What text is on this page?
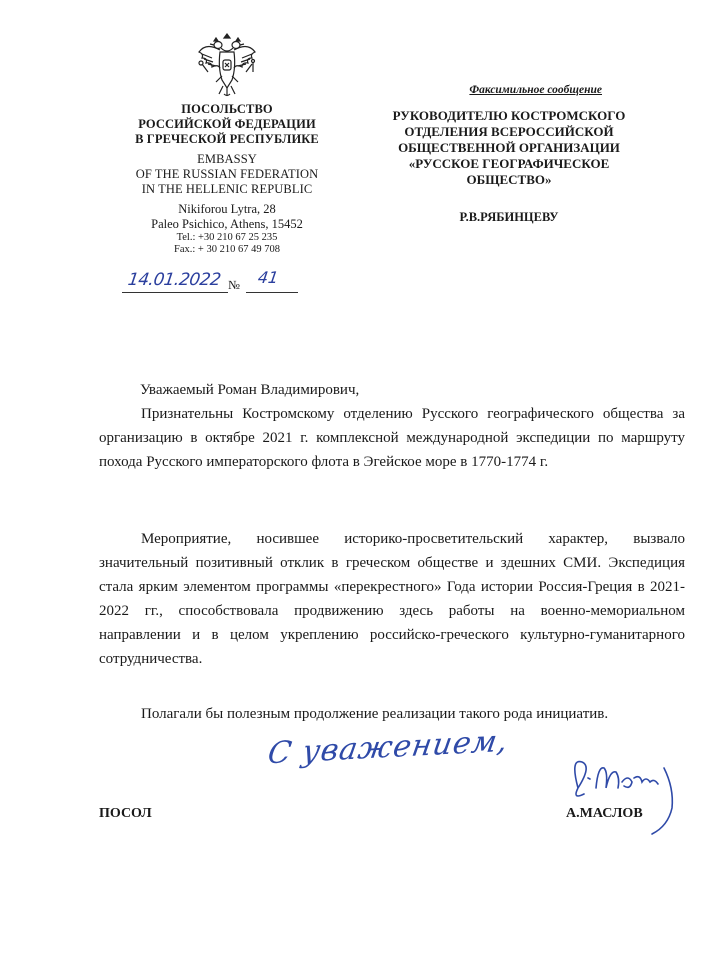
ПОСОЛЬСТВО
РОССИЙСКОЙ ФЕДЕРАЦИИ
В ГРЕЧЕСКОЙ РЕСПУБЛИКЕ
EMBASSY
OF THE RUSSIAN FEDERATION
IN THE HELLENIC REPUBLIC
Nikiforou Lytra, 28
Paleo Psichico, Athens, 15452
Tel.: +30 210 67 25 235
Fax.: + 30 210 67 49 708
14.01.2022 № 41
Факсимильное сообщение
РУКОВОДИТЕЛЮ КОСТРОМСКОГО
ОТДЕЛЕНИЯ ВСЕРОССИЙСКОЙ
ОБЩЕСТВЕННОЙ ОРГАНИЗАЦИИ
«РУССКОЕ ГЕОГРАФИЧЕСКОЕ
ОБЩЕСТВО»
Р.В.РЯБИНЦЕВУ
Уважаемый Роман Владимирович,
Признательны Костромскому отделению Русского географического общества за организацию в октябре 2021 г. комплексной международной экспедиции по маршруту похода Русского императорского флота в Эгейское море в 1770-1774 г.
Мероприятие, носившее историко-просветительский характер, вызвало значительный позитивный отклик в греческом обществе и здешних СМИ. Экспедиция стала ярким элементом программы «перекрестного» Года истории Россия-Греция в 2021-2022 гг., способствовала продвижению здесь работы на военно-мемориальном направлении и в целом укреплению российско-греческого культурно-гуманитарного сотрудничества.
Полагали бы полезным продолжение реализации такого рода инициатив.
С уважением,
ПОСОЛ	А.МАСЛОВ
